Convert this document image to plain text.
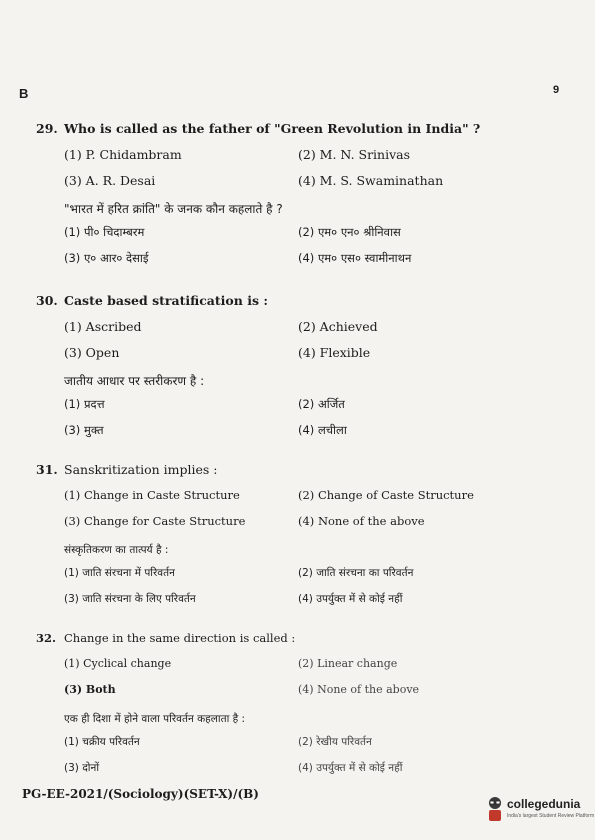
B	9
29. Who is called as the father of "Green Revolution in India" ?
(1) P. Chidambram	(2) M. N. Srinivas
(3) A. R. Desai	(4) M. S. Swaminathan
"भारत में हरित क्रांति" के जनक कौन कहलाते है ?
(1) पी० चिदाम्बरम	(2) एम० एन० श्रीनिवास
(3) ए० आर० देसाई	(4) एम० एस० स्वामीनाथन
30. Caste based stratification is :
(1) Ascribed	(2) Achieved
(3) Open	(4) Flexible
जातीय आधार पर स्तरीकरण है :
(1) प्रदत्त	(2) अर्जित
(3) मुक्त	(4) लचीला
31. Sanskritization implies :
(1) Change in Caste Structure	(2) Change of Caste Structure
(3) Change for Caste Structure	(4) None of the above
संस्कृतिकरण का तात्पर्य है :
(1) जाति संरचना में परिवर्तन	(2) जाति संरचना का परिवर्तन
(3) जाति संरचना के लिए परिवर्तन	(4) उपर्युक्त में से कोई नहीं
32. Change in the same direction is called :
(1) Cyclical change	(2) Linear change
(3) Both	(4) None of the above
एक ही दिशा में होने वाला परिवर्तन कहलाता है :
(1) चक्रीय परिवर्तन	(2) रेखीय परिवर्तन
(3) दोनों	(4) उपर्युक्त में से कोई नहीं
PG-EE-2021/(Sociology)(SET-X)/(B)
collegedunia
India's largest Student Review Platform
